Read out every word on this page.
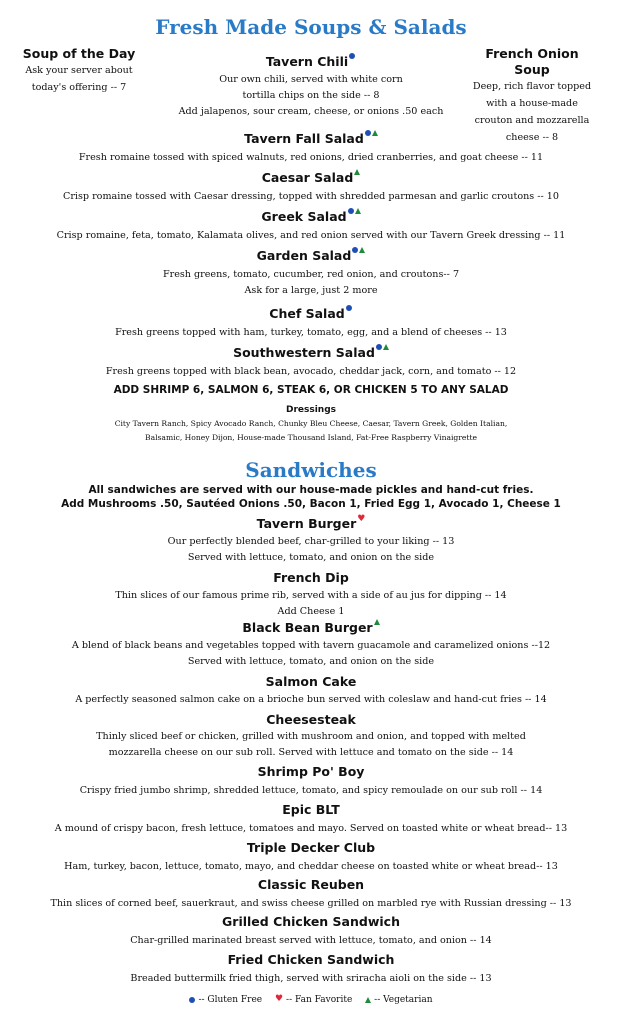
Fresh Made Soups & Salads
Soup of the Day
Ask your server about today's offering -- 7
Tavern Chili
Our own chili, served with white corn
tortilla chips on the side -- 8
Add jalapenos, sour cream, cheese, or onions .50 each
French Onion Soup
Deep, rich flavor topped with a house-made crouton and mozzarella cheese -- 8
Tavern Fall Salad
Fresh romaine tossed with spiced walnuts, red onions, dried cranberries, and goat cheese -- 11
Caesar Salad
Crisp romaine tossed with Caesar dressing, topped with shredded parmesan and garlic croutons -- 10
Greek Salad
Crisp romaine, feta, tomato, Kalamata olives, and red onion served with our Tavern Greek dressing -- 11
Garden Salad
Fresh greens, tomato, cucumber, red onion, and croutons-- 7
Ask for a large, just 2 more
Chef Salad
Fresh greens topped with ham, turkey, tomato, egg, and a blend of cheeses -- 13
Southwestern Salad
Fresh greens topped with black bean, avocado, cheddar jack, corn, and tomato -- 12
ADD SHRIMP 6, SALMON 6, STEAK 6, OR CHICKEN 5 TO ANY SALAD
Dressings
City Tavern Ranch, Spicy Avocado Ranch, Chunky Bleu Cheese, Caesar, Tavern Greek, Golden Italian,
Balsamic, Honey Dijon, House-made Thousand Island, Fat-Free Raspberry Vinaigrette
Sandwiches
All sandwiches are served with our house-made pickles and hand-cut fries.
Add Mushrooms .50, Sautéed Onions .50, Bacon 1, Fried Egg 1, Avocado 1, Cheese 1
Tavern Burger♥
Our perfectly blended beef, char-grilled to your liking -- 13
Served with lettuce, tomato, and onion on the side
French Dip
Thin slices of our famous prime rib, served with a side of au jus for dipping -- 14
Add Cheese 1
Black Bean Burger
A blend of black beans and vegetables topped with tavern guacamole and caramelized onions --12
Served with lettuce, tomato, and onion on the side
Salmon Cake
A perfectly seasoned salmon cake on a brioche bun served with coleslaw and hand-cut fries -- 14
Cheesesteak
Thinly sliced beef or chicken, grilled with mushroom and onion, and topped with melted
mozzarella cheese on our sub roll. Served with lettuce and tomato on the side -- 14
Shrimp Po' Boy
Crispy fried jumbo shrimp, shredded lettuce, tomato, and spicy remoulade on our sub roll -- 14
Epic BLT
A mound of crispy bacon, fresh lettuce, tomatoes and mayo. Served on toasted white or wheat bread-- 13
Triple Decker Club
Ham, turkey, bacon, lettuce, tomato, mayo, and cheddar cheese on toasted white or wheat bread-- 13
Classic Reuben
Thin slices of corned beef, sauerkraut, and swiss cheese grilled on marbled rye with Russian dressing -- 13
Grilled Chicken Sandwich
Char-grilled marinated breast served with lettuce, tomato, and onion -- 14
Fried Chicken Sandwich
Breaded buttermilk fried thigh, served with sriracha aioli on the side -- 13
-- Gluten Free ♥ -- Fan Favorite -- Vegetarian
